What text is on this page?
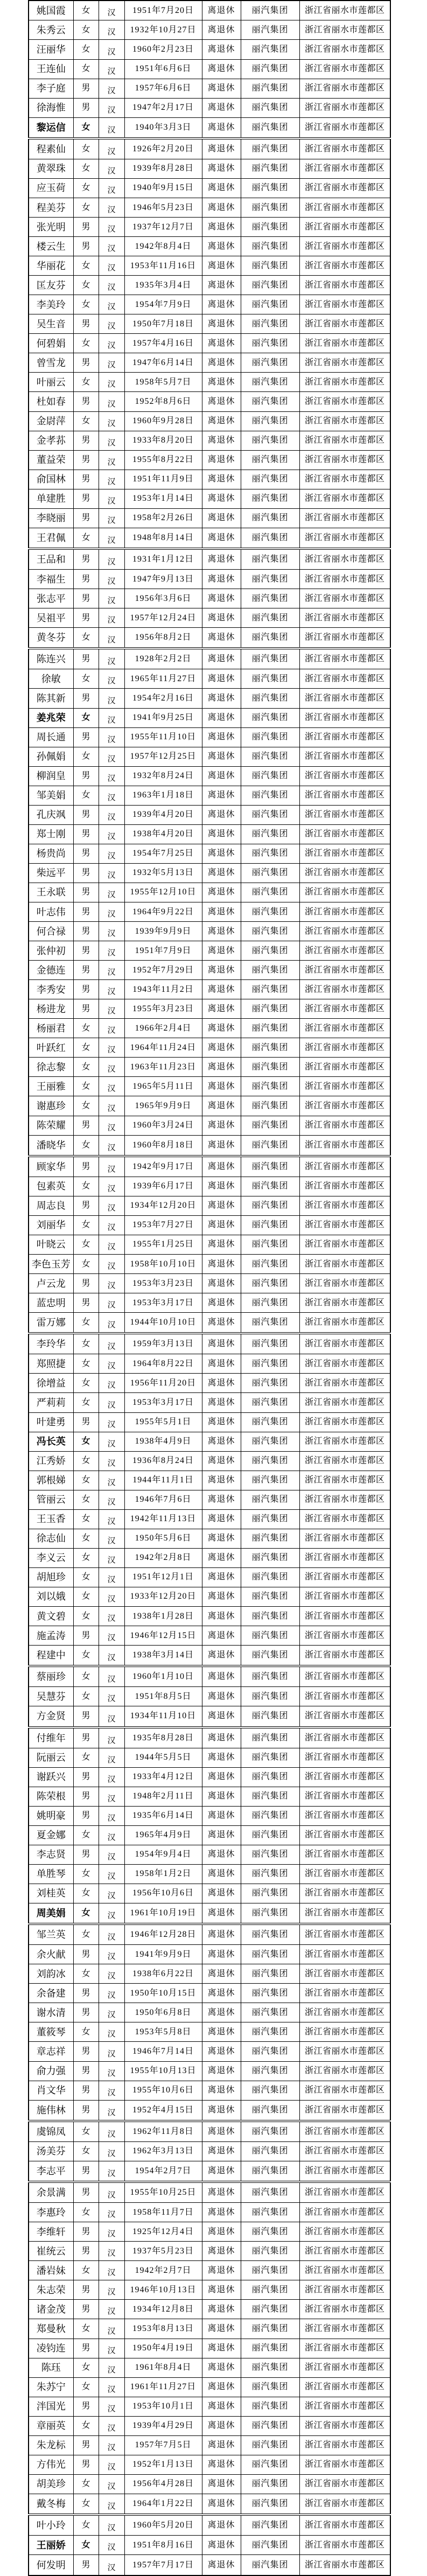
姚国霞	女	汉	1951年7月20日	离退休	丽汽集团	浙江省丽水市莲都区
朱秀云	女	汉	1932年10月27日	离退休	丽汽集团	浙江省丽水市莲都区
汪丽华	女	汉	1960年2月23日	离退休	丽汽集团	浙江省丽水市莲都区
王连仙	女	汉	1951年6月6日	离退休	丽汽集团	浙江省丽水市莲都区
李子庭	男	汉	1957年6月6日	离退休	丽汽集团	浙江省丽水市莲都区
徐海惟	男	汉	1947年2月17日	离退休	丽汽集团	浙江省丽水市莲都区
黎运信	女	汉	1940年3月3日	离退休	丽汽集团	浙江省丽水市莲都区
程素仙	女	汉	1926年2月20日	离退休	丽汽集团	浙江省丽水市莲都区
黄翠珠	女	汉	1939年8月28日	离退休	丽汽集团	浙江省丽水市莲都区
应玉荷	女	汉	1940年9月15日	离退休	丽汽集团	浙江省丽水市莲都区
程美芬	女	汉	1946年5月23日	离退休	丽汽集团	浙江省丽水市莲都区
张光明	男	汉	1937年12月7日	离退休	丽汽集团	浙江省丽水市莲都区
楼云生	男	汉	1942年8月4日	离退休	丽汽集团	浙江省丽水市莲都区
华丽花	女	汉	1953年11月16日	离退休	丽汽集团	浙江省丽水市莲都区
匡友芬	女	汉	1935年3月4日	离退休	丽汽集团	浙江省丽水市莲都区
李美玲	女	汉	1954年7月9日	离退休	丽汽集团	浙江省丽水市莲都区
吴生音	男	汉	1950年7月18日	离退休	丽汽集团	浙江省丽水市莲都区
何碧娟	女	汉	1957年4月16日	离退休	丽汽集团	浙江省丽水市莲都区
曾雪龙	男	汉	1947年6月14日	离退休	丽汽集团	浙江省丽水市莲都区
叶丽云	女	汉	1958年5月7日	离退休	丽汽集团	浙江省丽水市莲都区
杜如春	男	汉	1952年8月6日	离退休	丽汽集团	浙江省丽水市莲都区
金尉萍	女	汉	1960年9月28日	离退休	丽汽集团	浙江省丽水市莲都区
金孝荪	男	汉	1933年8月20日	离退休	丽汽集团	浙江省丽水市莲都区
董益荣	男	汉	1955年8月22日	离退休	丽汽集团	浙江省丽水市莲都区
俞国林	男	汉	1951年11月9日	离退休	丽汽集团	浙江省丽水市莲都区
单建胜	男	汉	1953年1月14日	离退休	丽汽集团	浙江省丽水市莲都区
李晓丽	男	汉	1958年2月26日	离退休	丽汽集团	浙江省丽水市莲都区
王君佩	女	汉	1948年8月14日	离退休	丽汽集团	浙江省丽水市莲都区
王品和	男	汉	1931年1月12日	离退休	丽汽集团	浙江省丽水市莲都区
李福生	男	汉	1947年9月13日	离退休	丽汽集团	浙江省丽水市莲都区
张志平	男	汉	1956年3月6日	离退休	丽汽集团	浙江省丽水市莲都区
吴祖平	男	汉	1957年12月24日	离退休	丽汽集团	浙江省丽水市莲都区
黄冬芬	女	汉	1956年8月2日	离退休	丽汽集团	浙江省丽水市莲都区
陈连兴	男	汉	1928年2月2日	离退休	丽汽集团	浙江省丽水市莲都区
徐敏	女	汉	1965年11月27日	离退休	丽汽集团	浙江省丽水市莲都区
陈其新	男	汉	1954年2月16日	离退休	丽汽集团	浙江省丽水市莲都区
姜兆荣	女	汉	1941年9月25日	离退休	丽汽集团	浙江省丽水市莲都区
周长通	男	汉	1955年11月10日	离退休	丽汽集团	浙江省丽水市莲都区
孙佩娟	女	汉	1957年12月25日	离退休	丽汽集团	浙江省丽水市莲都区
柳润皇	男	汉	1932年8月24日	离退休	丽汽集团	浙江省丽水市莲都区
邹美娟	女	汉	1963年1月18日	离退休	丽汽集团	浙江省丽水市莲都区
孔庆飒	男	汉	1939年4月20日	离退休	丽汽集团	浙江省丽水市莲都区
郑士刚	男	汉	1938年4月20日	离退休	丽汽集团	浙江省丽水市莲都区
杨贵尚	男	汉	1954年7月25日	离退休	丽汽集团	浙江省丽水市莲都区
柴远平	男	汉	1932年5月13日	离退休	丽汽集团	浙江省丽水市莲都区
王永联	男	汉	1955年12月10日	离退休	丽汽集团	浙江省丽水市莲都区
叶志伟	男	汉	1964年9月22日	离退休	丽汽集团	浙江省丽水市莲都区
何合禄	男	汉	1939年9月9日	离退休	丽汽集团	浙江省丽水市莲都区
张仲初	男	汉	1951年7月9日	离退休	丽汽集团	浙江省丽水市莲都区
金德连	男	汉	1952年7月29日	离退休	丽汽集团	浙江省丽水市莲都区
李秀安	男	汉	1943年11月2日	离退休	丽汽集团	浙江省丽水市莲都区
杨进龙	男	汉	1955年3月23日	离退休	丽汽集团	浙江省丽水市莲都区
杨丽君	女	汉	1966年2月4日	离退休	丽汽集团	浙江省丽水市莲都区
叶跃红	女	汉	1964年11月24日	离退休	丽汽集团	浙江省丽水市莲都区
徐志黎	女	汉	1963年11月23日	离退休	丽汽集团	浙江省丽水市莲都区
王丽雅	女	汉	1965年5月11日	离退休	丽汽集团	浙江省丽水市莲都区
谢惠珍	女	汉	1965年9月9日	离退休	丽汽集团	浙江省丽水市莲都区
陈荣耀	男	汉	1960年3月24日	离退休	丽汽集团	浙江省丽水市莲都区
潘晓华	女	汉	1960年8月18日	离退休	丽汽集团	浙江省丽水市莲都区
顾家华	男	汉	1942年9月17日	离退休	丽汽集团	浙江省丽水市莲都区
包素英	女	汉	1939年6月17日	离退休	丽汽集团	浙江省丽水市莲都区
周志良	男	汉	1934年12月20日	离退休	丽汽集团	浙江省丽水市莲都区
刘丽华	女	汉	1953年7月27日	离退休	丽汽集团	浙江省丽水市莲都区
叶晓云	女	汉	1955年1月25日	离退休	丽汽集团	浙江省丽水市莲都区
李色玉芳	女	汉	1958年10月10日	离退休	丽汽集团	浙江省丽水市莲都区
卢云龙	男	汉	1953年3月23日	离退休	丽汽集团	浙江省丽水市莲都区
蓝忠明	男	汉	1953年3月17日	离退休	丽汽集团	浙江省丽水市莲都区
雷万娜	女	汉	1944年10月10日	离退休	丽汽集团	浙江省丽水市莲都区
李玲华	女	汉	1959年3月13日	离退休	丽汽集团	浙江省丽水市莲都区
郑照捷	女	汉	1964年8月22日	离退休	丽汽集团	浙江省丽水市莲都区
徐增益	女	汉	1956年11月20日	离退休	丽汽集团	浙江省丽水市莲都区
严莉莉	女	汉	1953年3月17日	离退休	丽汽集团	浙江省丽水市莲都区
叶建勇	男	汉	1955年5月1日	离退休	丽汽集团	浙江省丽水市莲都区
冯长英	女	汉	1938年4月9日	离退休	丽汽集团	浙江省丽水市莲都区
江秀娇	女	汉	1936年8月24日	离退休	丽汽集团	浙江省丽水市莲都区
郭根娣	女	汉	1944年11月1日	离退休	丽汽集团	浙江省丽水市莲都区
管丽云	女	汉	1946年7月6日	离退休	丽汽集团	浙江省丽水市莲都区
王玉香	女	汉	1942年11月13日	离退休	丽汽集团	浙江省丽水市莲都区
徐志仙	女	汉	1950年5月6日	离退休	丽汽集团	浙江省丽水市莲都区
李义云	女	汉	1942年2月8日	离退休	丽汽集团	浙江省丽水市莲都区
胡旭珍	女	汉	1951年12月1日	离退休	丽汽集团	浙江省丽水市莲都区
刘以娥	女	汉	1933年12月20日	离退休	丽汽集团	浙江省丽水市莲都区
黄文碧	女	汉	1938年1月28日	离退休	丽汽集团	浙江省丽水市莲都区
施孟涛	男	汉	1946年12月15日	离退休	丽汽集团	浙江省丽水市莲都区
程建中	女	汉	1938年3月14日	离退休	丽汽集团	浙江省丽水市莲都区
蔡丽珍	女	汉	1960年1月10日	离退休	丽汽集团	浙江省丽水市莲都区
吴慧芬	女	汉	1951年8月5日	离退休	丽汽集团	浙江省丽水市莲都区
方金贤	男	汉	1934年11月10日	离退休	丽汽集团	浙江省丽水市莲都区
付维年	男	汉	1935年8月28日	离退休	丽汽集团	浙江省丽水市莲都区
阮丽云	女	汉	1944年5月5日	离退休	丽汽集团	浙江省丽水市莲都区
谢跃兴	男	汉	1933年4月12日	离退休	丽汽集团	浙江省丽水市莲都区
陈荣根	男	汉	1948年2月11日	离退休	丽汽集团	浙江省丽水市莲都区
姚明豪	男	汉	1935年6月14日	离退休	丽汽集团	浙江省丽水市莲都区
夏金娜	女	汉	1965年4月9日	离退休	丽汽集团	浙江省丽水市莲都区
李志贤	男	汉	1954年9月4日	离退休	丽汽集团	浙江省丽水市莲都区
单胜琴	女	汉	1958年1月2日	离退休	丽汽集团	浙江省丽水市莲都区
刘桂英	女	汉	1956年10月6日	离退休	丽汽集团	浙江省丽水市莲都区
周美娟	女	汉	1961年10月19日	离退休	丽汽集团	浙江省丽水市莲都区
邹兰英	女	汉	1946年12月28日	离退休	丽汽集团	浙江省丽水市莲都区
余火献	男	汉	1941年9月9日	离退休	丽汽集团	浙江省丽水市莲都区
刘韵冰	女	汉	1938年6月22日	离退休	丽汽集团	浙江省丽水市莲都区
余备建	男	汉	1950年10月15日	离退休	丽汽集团	浙江省丽水市莲都区
谢水清	男	汉	1950年6月8日	离退休	丽汽集团	浙江省丽水市莲都区
董筱琴	女	汉	1953年5月8日	离退休	丽汽集团	浙江省丽水市莲都区
章志祥	男	汉	1946年7月14日	离退休	丽汽集团	浙江省丽水市莲都区
俞力强	男	汉	1955年10月13日	离退休	丽汽集团	浙江省丽水市莲都区
肖文华	男	汉	1955年10月6日	离退休	丽汽集团	浙江省丽水市莲都区
施伟林	男	汉	1952年4月15日	离退休	丽汽集团	浙江省丽水市莲都区
虞锦凤	女	汉	1962年11月8日	离退休	丽汽集团	浙江省丽水市莲都区
汤美芬	女	汉	1962年3月13日	离退休	丽汽集团	浙江省丽水市莲都区
李志平	男	汉	1954年2月7日	离退休	丽汽集团	浙江省丽水市莲都区
余景满	男	汉	1955年10月25日	离退休	丽汽集团	浙江省丽水市莲都区
李惠玲	女	汉	1958年11月7日	离退休	丽汽集团	浙江省丽水市莲都区
李维轩	男	汉	1925年12月4日	离退休	丽汽集团	浙江省丽水市莲都区
崔统云	男	汉	1937年5月23日	离退休	丽汽集团	浙江省丽水市莲都区
潘岩妹	女	汉	1942年2月7日	离退休	丽汽集团	浙江省丽水市莲都区
朱志荣	男	汉	1946年10月13日	离退休	丽汽集团	浙江省丽水市莲都区
诸金茂	男	汉	1934年12月8日	离退休	丽汽集团	浙江省丽水市莲都区
郑曼秋	女	汉	1953年8月13日	离退休	丽汽集团	浙江省丽水市莲都区
凌钧连	男	汉	1950年4月19日	离退休	丽汽集团	浙江省丽水市莲都区
陈珏	女	汉	1961年8月4日	离退休	丽汽集团	浙江省丽水市莲都区
朱苏宁	女	汉	1961年11月27日	离退休	丽汽集团	浙江省丽水市莲都区
泮国光	男	汉	1953年10月1日	离退休	丽汽集团	浙江省丽水市莲都区
章丽英	女	汉	1939年4月29日	离退休	丽汽集团	浙江省丽水市莲都区
朱龙标	男	汉	1957年7月5日	离退休	丽汽集团	浙江省丽水市莲都区
方伟光	男	汉	1952年1月13日	离退休	丽汽集团	浙江省丽水市莲都区
胡美珍	女	汉	1956年4月28日	离退休	丽汽集团	浙江省丽水市莲都区
戴冬梅	女	汉	1964年1月22日	离退休	丽汽集团	浙江省丽水市莲都区
叶小玲	女	汉	1960年5月20日	离退休	丽汽集团	浙江省丽水市莲都区
王丽娇	女	汉	1951年8月16日	离退休	丽汽集团	浙江省丽水市莲都区
何发明	男	汉	1957年7月17日	离退休	丽汽集团	浙江省丽水市莲都区
